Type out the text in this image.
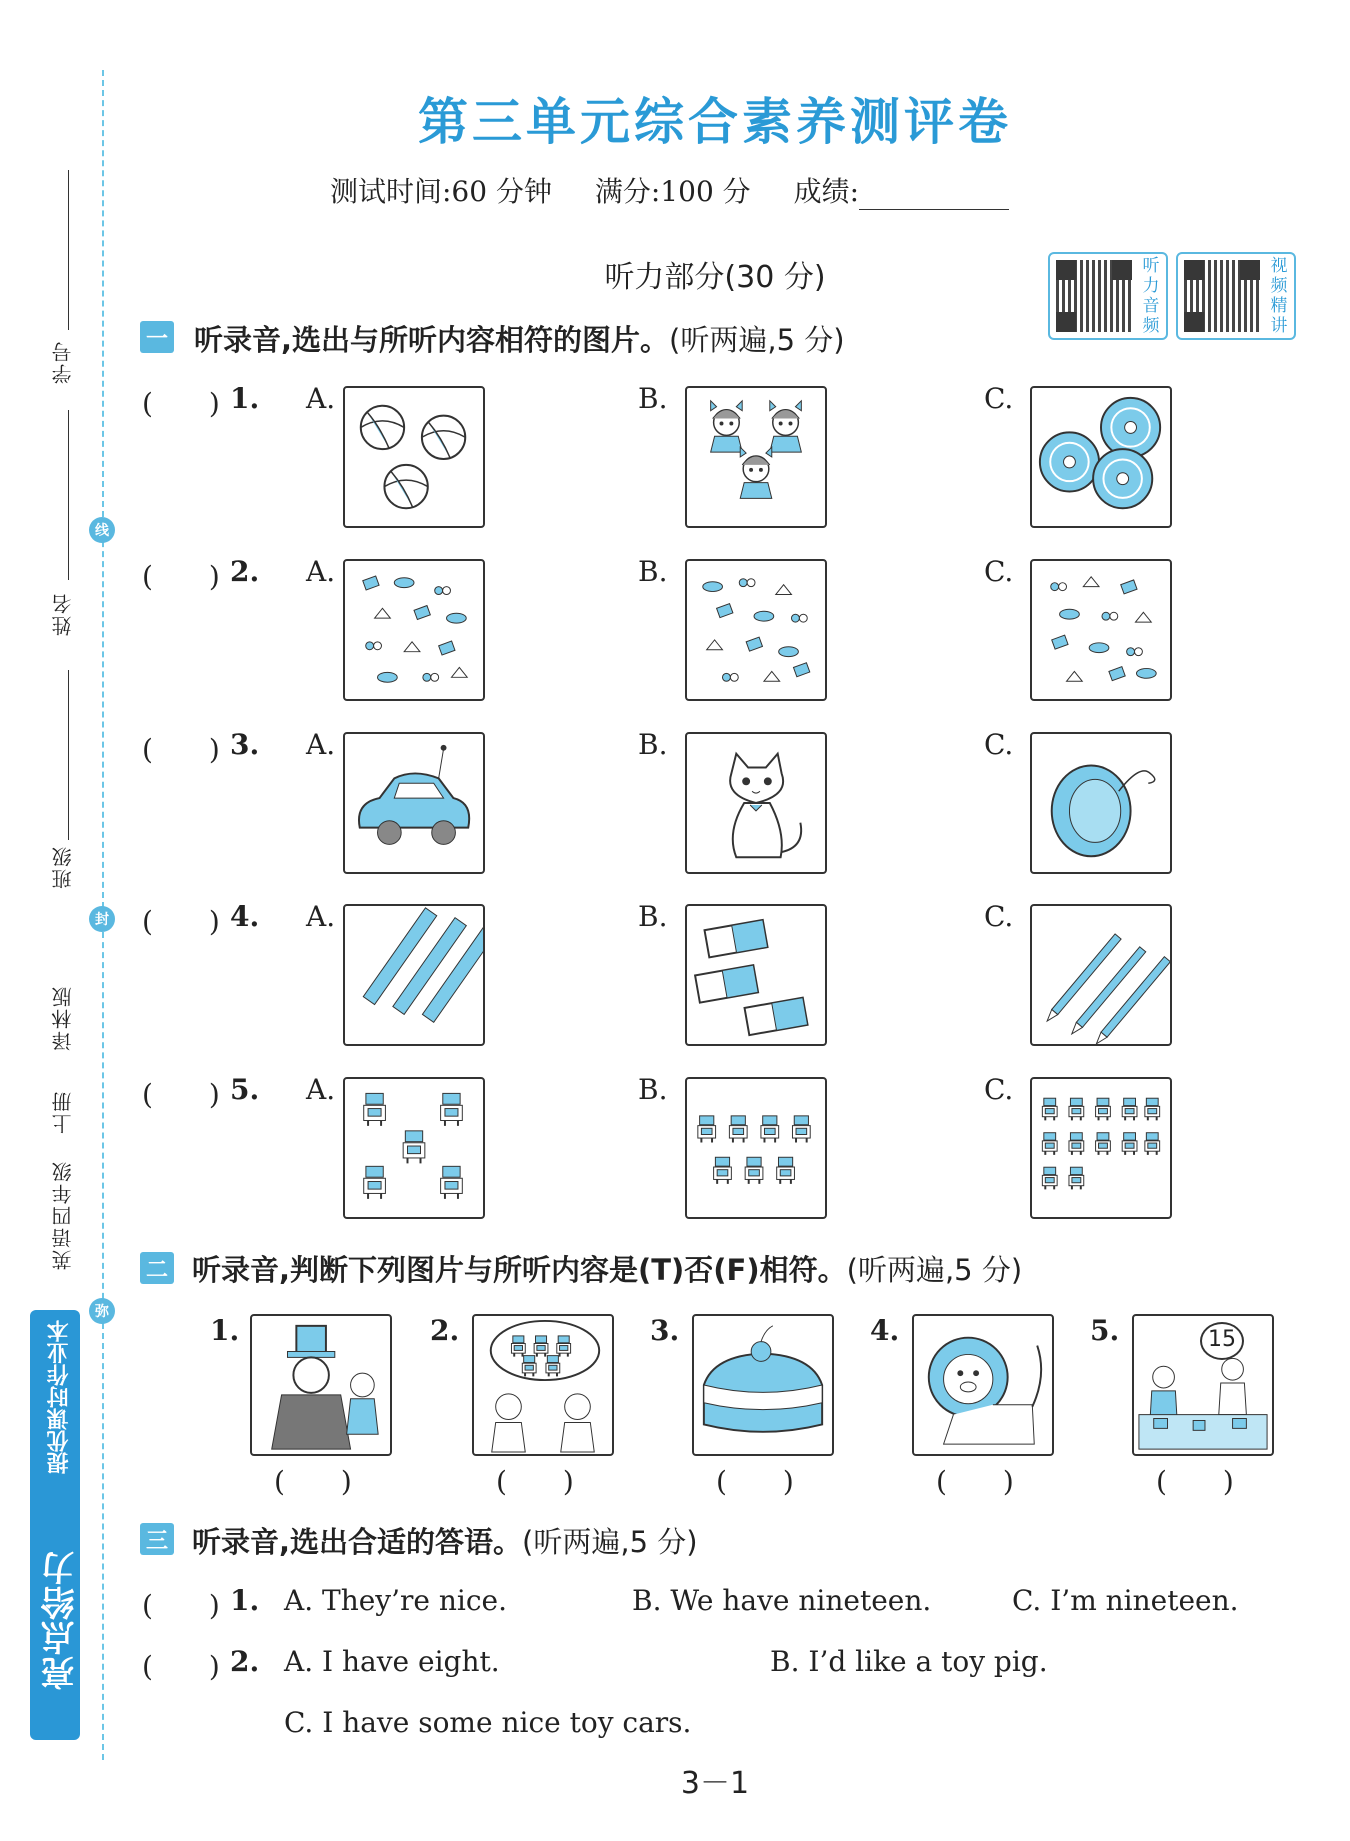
学号
姓名
班级
线
封
弥
译林版
上册
英语四年级
亮点给力
提优课时作业本
第三单元综合素养测评卷
测试时间:60 分钟 满分:100 分 成绩:
听力部分(30 分)	听力音频
视频精讲
一 听录音,选出与所听内容相符的图片。(听两遍,5 分)
(　　) 1. A.	B.	C.
(　　) 2. A.	B.	C.
(　　) 3. A.	B.	C.
(　　) 4. A.	B.	C.
(　　) 5. A.	B.	C.
二 听录音,判断下列图片与所听内容是(T)否(F)相符。(听两遍,5 分)
1.
(　　)
2.
(　　)
3.
(　　)
4.
(　　)
5.	15
(　　)
三 听录音,选出合适的答语。(听两遍,5 分)
(　　) 1. A. They’re nice.	B. We have nineteen.	C. I’m nineteen.
(　　) 2. A. I have eight.	B. I’d like a toy pig.
C. I have some nice toy cars.
3－1
